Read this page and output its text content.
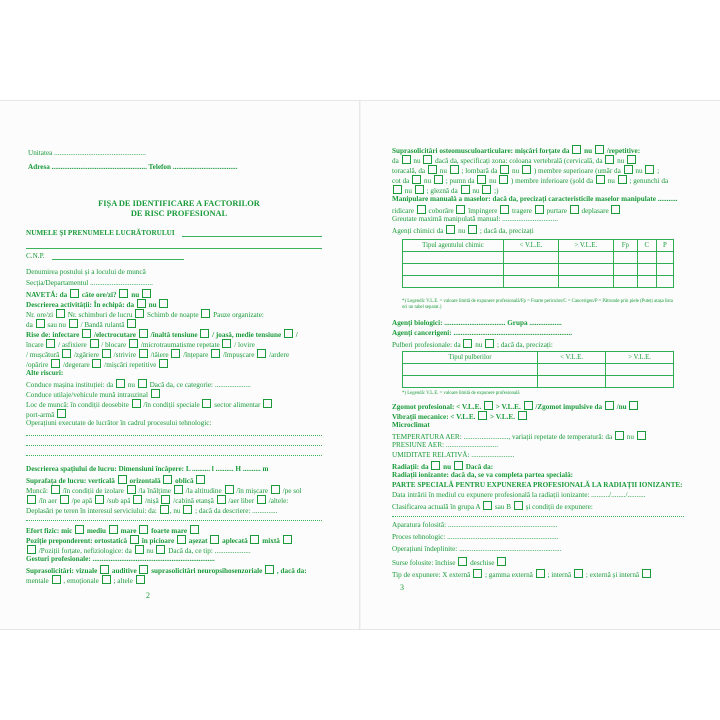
Unitatea ...................................................
Adresa ..................................................... Telefon ....................................
FIȘA DE IDENTIFICARE A FACTORILOR
DE RISC PROFESIONAL
NUMELE ȘI PRENUMELE LUCRĂTORULUI
C.N.P.
Denumirea postului și a locului de muncă
Secția/Departamentul ...................................
NAVETĂ: da  câte ore/zi?  nu
Descrierea activității: În echipă: da  nu
Nr. ore/zi  Nr. schimburi de lucru  Schimb de noapte  Pauze organizate:
da  sau nu  / Bandă rulantă
Rise de: infectare  /electrocutare  /înaltă tensiune  / joasă, medie tensiune  /
încare  / asfixiere  / blocare  /microtraumatisme repetate  / lovire
/ mușcătură  /zgâriere  /strivire  /tăiere  /înțepare  /împușcare  /ardere
/opărire  /degerare  /mișcări repetitive
Alte riscuri:
Conduce mașina instituției: da  nu  Dacă da, ce categorie: ....................
Conduce utilaje/vehicule mună intrauzinal
Loc de muncă: în condiții deosebite  /în condiții speciale  sector alimentar
port-armă
Operațiuni executate de lucrător în cadrul procesului tehnologic:
Descrierea spațiului de lucru: Dimensiuni încăpere: L .......... l .......... H .......... m
Suprafața de lucru: verticală  orizontală  oblică
Muncă:  /în condiții de izolare  /la înălțime  /la altitudine  /în mișcare  /pe sol
/în aer  /pe apă  /sub apă  /nișă  /cabină etanșă  /aer liber  /altele:
Deplasări pe teren în interesul serviciului: da: , nu  ; dacă da descriere: ..............
Efort fizic: mic  mediu  mare  foarte mare
Poziție preponderent: ortostatică  în picioare  așezat  aplecată  mixtă
/Poziții forțate, nefiziologice: da  nu  Dacă da, ce tip: ....................
Gesturi profesionale: ....................................................................
Suprasolicitări: vizuale  auditive  suprasolicitări neuropsihosenzoriale  , dacă da:
mentale  , emoționale  ; altele
2
Suprasolicitări osteomusculoarticulare: mișcări forțate da  nu  /repetitive:
da  nu  dacă da, specificați zona: coloana vertebrală (cervicală, da  nu
toracală, da  nu  ; lombară da  nu  ) membre superioare (umăr da  nu  ;
cot da  nu  ; pumn da  nu  ) membre inferioare (șold da  nu  ; genunchi da
nu  ; gleznă da  nu  ;)
Manipulare manuală a maselor: dacă da, precizați caracteristicile maselor manipulate ...........
ridicare  coborâre  împingere  tragere  purtare  deplasare
Greutate maximă manipulată manual: ...............................
Agenți chimici da  nu  ; dacă da, precizați
Tipul agentului chimic	< V.L.E.	> V.L.E.	Fp	C	P

*) Legendă: V.L.E. = valoare limită de expunere profesională/Fp = Foarte periculos/C = Cancerigen/P = Pătrunde prin piele (Puteți atașa lista ori un tabel separat.)
Agenți biologici: .................................. Grupa ..................
Agenți cancerigeni: ..................................................................
Pulberi profesionale: da  nu  ; dacă da, precizați:
Tipul pulberilor	< V.L.E.	> V.L.E.

*) Legendă: V.L.E. = valoare limită de expunere profesională
Zgomot profesional: < V.L.E.  > V.L.E.  /Zgomot impulsive da  /nu
Vibrații mecanice: < V.L.E.  > V.L.E.
Microclimat
TEMPERATURA AER: ........................., variații repetate de temperatură: da  nu
PRESIUNE AER: .............................
UMIDITATE RELATIVĂ: ........................
Radiații: da  nu  Dacă da:
Radiații ionizante: dacă da, se va completa partea specială:
PARTE SPECIALĂ PENTRU EXPUNEREA PROFESIONALĂ LA RADIAȚII IONIZANTE:
Data intrării în mediul cu expunere profesională la radiații ionizante: ........../......../..........
Clasificarea actuală în grupa A  sau B  și condiții de expunere:
Aparatura folosită: .............................................................
Proces tehnologic: ..............................................................
Operațiuni îndeplinite: .........................................................
Surse folosite: închise  deschise
Tip de expunere: X externă  ; gamma externă  ; internă  ; externă și internă
3
